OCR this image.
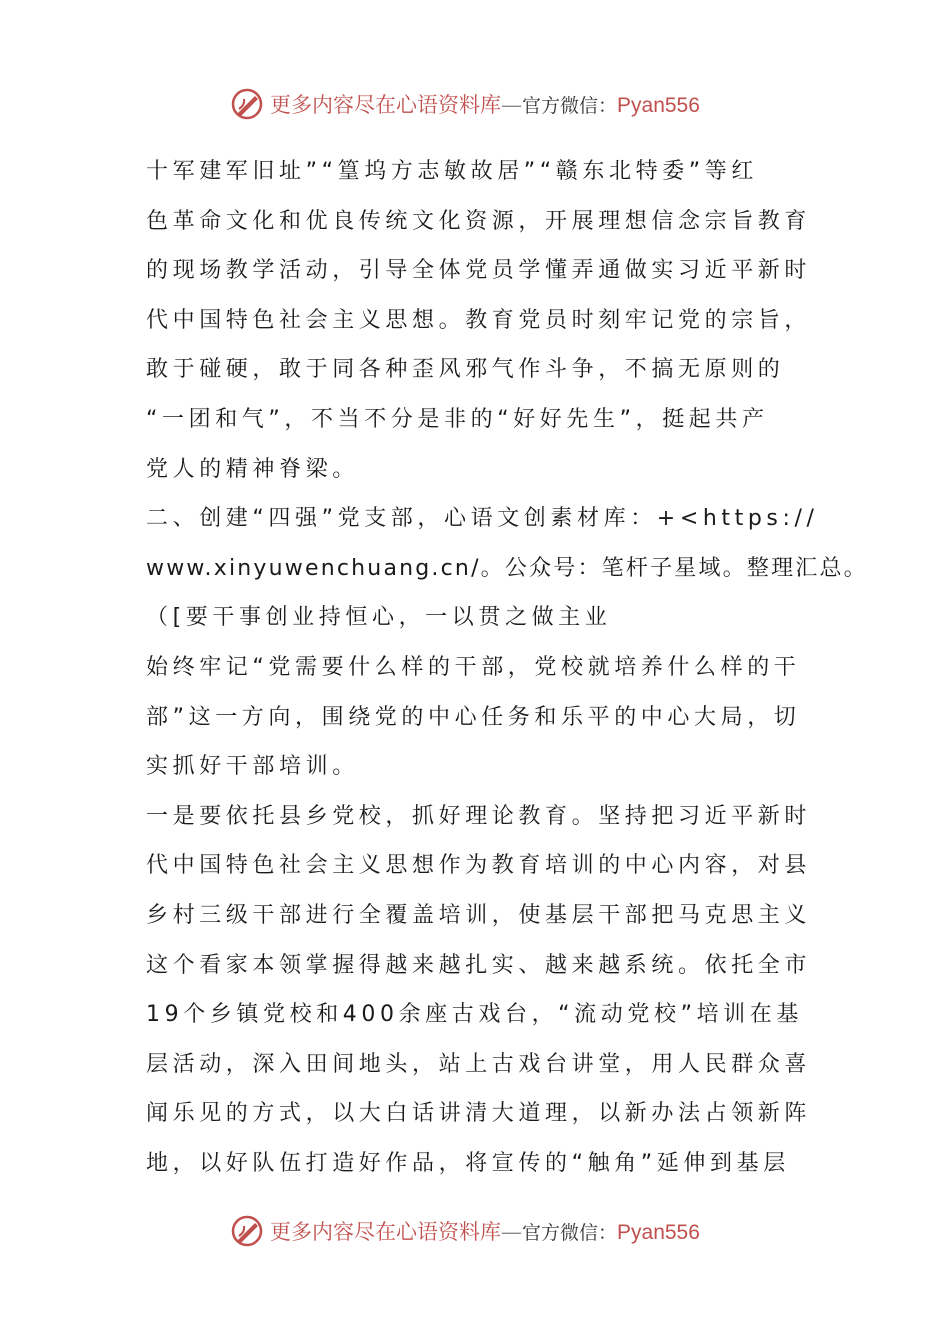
更多内容尽在心语资料库—官方微信：Pyan556
十军建军旧址”“篁坞方志敏故居”“赣东北特委”等红
色革命文化和优良传统文化资源，开展理想信念宗旨教育
的现场教学活动，引导全体党员学懂弄通做实习近平新时
代中国特色社会主义思想。教育党员时刻牢记党的宗旨，
敢于碰硬，敢于同各种歪风邪气作斗争，不搞无原则的
“一团和气”，不当不分是非的“好好先生”，挺起共产
党人的精神脊梁。
二、创建“四强”党支部，心语文创素材库：+<https://
www.xinyuwenchuang.cn/。公众号：笔杆子星域。整理汇总。
（[要干事创业持恒心，一以贯之做主业
始终牢记“党需要什么样的干部，党校就培养什么样的干
部”这一方向，围绕党的中心任务和乐平的中心大局，切
实抓好干部培训。
一是要依托县乡党校，抓好理论教育。坚持把习近平新时
代中国特色社会主义思想作为教育培训的中心内容，对县
乡村三级干部进行全覆盖培训，使基层干部把马克思主义
这个看家本领掌握得越来越扎实、越来越系统。依托全市
19个乡镇党校和400余座古戏台，“流动党校”培训在基
层活动，深入田间地头，站上古戏台讲堂，用人民群众喜
闻乐见的方式，以大白话讲清大道理，以新办法占领新阵
地，以好队伍打造好作品，将宣传的“触角”延伸到基层
更多内容尽在心语资料库—官方微信：Pyan556
